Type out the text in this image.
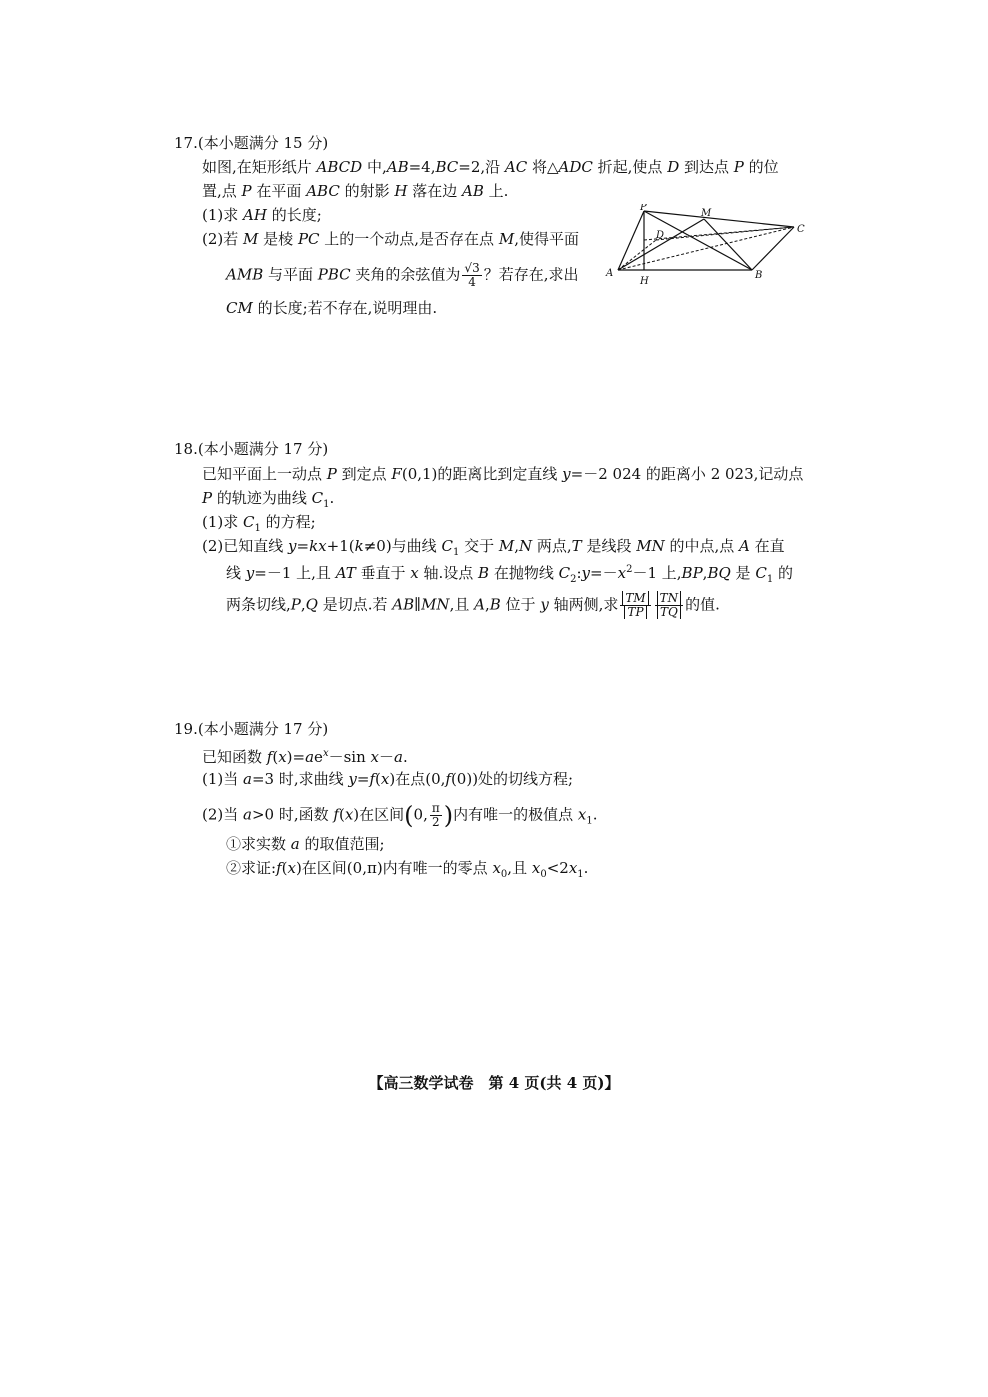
17.(本小题满分 15 分)
如图,在矩形纸片 ABCD 中,AB=4,BC=2,沿 AC 将△ADC 折起,使点 D 到达点 P 的位
置,点 P 在平面 ABC 的射影 H 落在边 AB 上.
(1)求 AH 的长度;
(2)若 M 是棱 PC 上的一个动点,是否存在点 M,使得平面
AMB 与平面 PBC 夹角的余弦值为 $\frac{√3}{4}$ ？若存在,求出
CM 的长度;若不存在,说明理由.
P
M
C
D
A
H
B
18.(本小题满分 17 分)
已知平面上一动点 P 到定点 F(0,1)的距离比到定直线 y=－2 024 的距离小 2 023,记动点
P 的轨迹为曲线 $C_1$.
(1)求 $C_1$ 的方程;
(2)已知直线 y=kx+1(k≠0)与曲线 $C_1$ 交于 M,N 两点,T 是线段 MN 的中点,点 A 在直
线 y=－1 上,且 AT 垂直于 x 轴.设点 B 在抛物线 $C_2:y=-x^2-1$ 上,BP,BQ 是 $C_1$ 的
两条切线,P,Q 是切点.若 AB∥MN,且 A,B 位于 y 轴两侧,求 $\frac{TM}{TP} \frac{TN}{TQ}$ 的值.
19.(本小题满分 17 分)
已知函数 $f(x)=ae^x-\sin$ x－a.
(1)当 a=3 时,求曲线 y=f(x)在点(0,f(0))处的切线方程;
(2)当 a>0 时,函数 f(x)在区间(0, $\frac{\pi}{2}$ )内有唯一的极值点 $x_1$.
①求实数 a 的取值范围;
②求证:f(x)在区间(0,π)内有唯一的零点 $x_0$,且 $x_0<2x_1$.
【高三数学试卷　第 4 页(共 4 页)】
